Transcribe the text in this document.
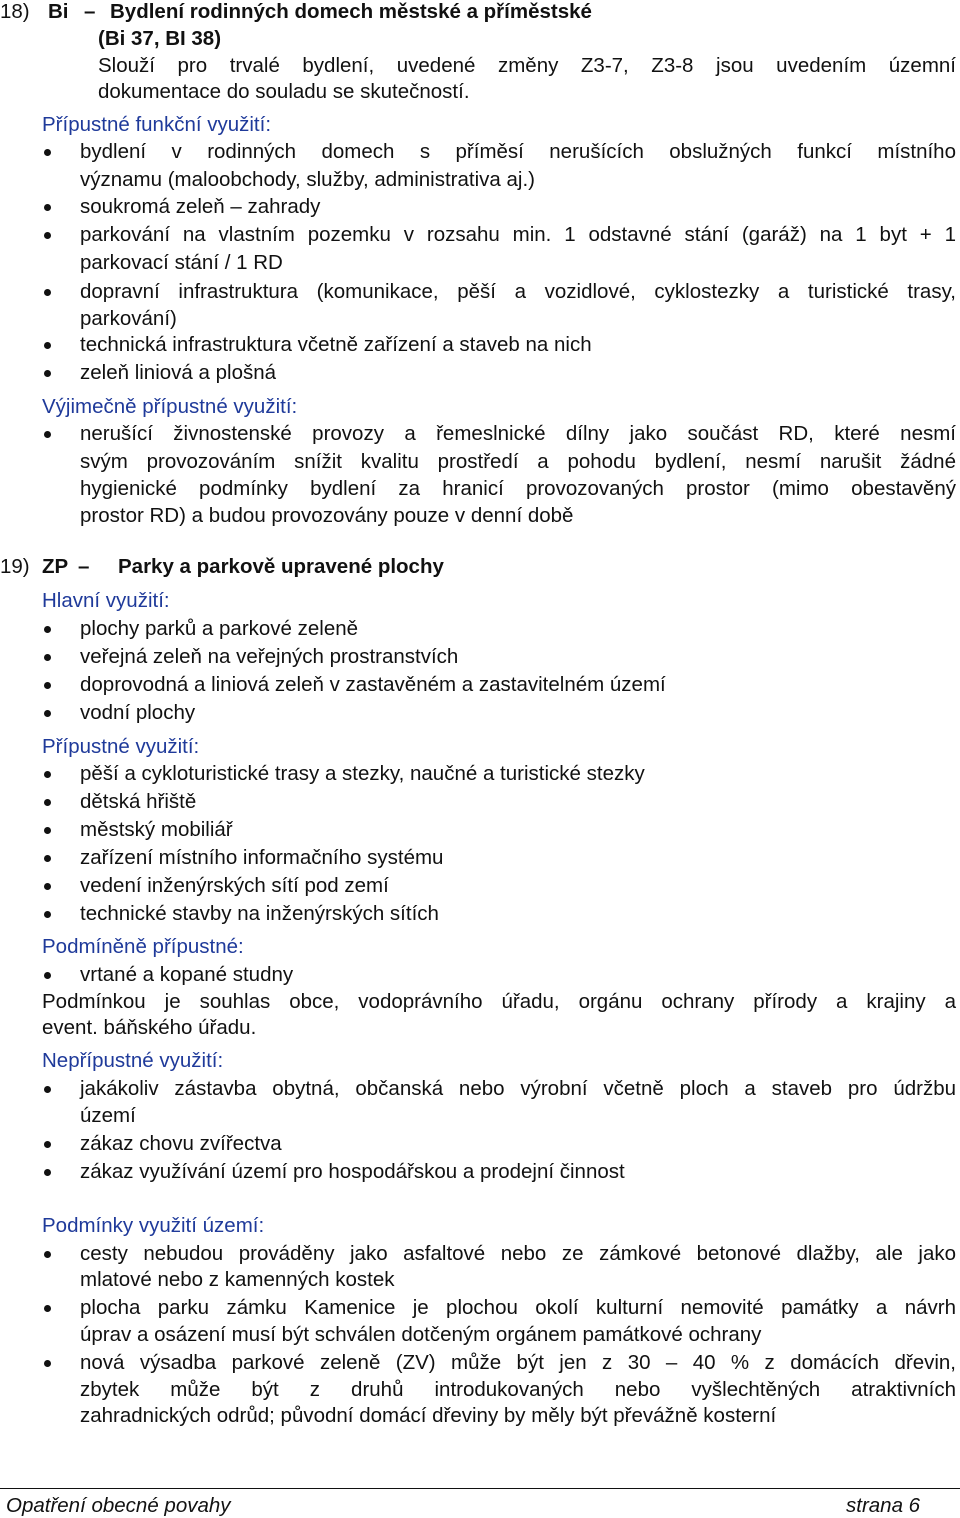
18) Bi – Bydlení rodinných domech městské a příměstské
(Bi 37, BI 38)
Slouží pro trvalé bydlení, uvedené změny Z3-7, Z3-8 jsou uvedením územní
dokumentace do souladu se skutečností.
Přípustné funkční využití:
bydlení v rodinných domech s příměsí nerušících obslužných funkcí místního
významu (maloobchody, služby, administrativa aj.)
soukromá zeleň – zahrady
parkování na vlastním pozemku v rozsahu min. 1 odstavné stání (garáž) na 1 byt + 1
parkovací stání / 1 RD
dopravní infrastruktura (komunikace, pěší a vozidlové, cyklostezky a turistické trasy,
parkování)
technická infrastruktura včetně zařízení a staveb na nich
zeleň liniová a plošná
Výjimečně přípustné využití:
nerušící živnostenské provozy a řemeslnické dílny jako součást RD, které nesmí
svým provozováním snížit kvalitu prostředí a pohodu bydlení, nesmí narušit žádné
hygienické podmínky bydlení za hranicí provozovaných prostor (mimo obestavěný
prostor RD) a budou provozovány pouze v denní době
19) ZP – Parky a parkově upravené plochy
Hlavní využití:
plochy parků a parkové zeleně
veřejná zeleň na veřejných prostranstvích
doprovodná a liniová zeleň v zastavěném a zastavitelném území
vodní plochy
Přípustné využití:
pěší a cykloturistické trasy a stezky, naučné a turistické stezky
dětská hřiště
městský mobiliář
zařízení místního informačního systému
vedení inženýrských sítí pod zemí
technické stavby na inženýrských sítích
Podmíněně přípustné:
vrtané a kopané studny
Podmínkou je souhlas obce, vodoprávního úřadu, orgánu ochrany přírody a krajiny a
event. báňského úřadu.
Nepřípustné využití:
jakákoliv zástavba obytná, občanská nebo výrobní včetně ploch a staveb pro údržbu
území
zákaz chovu zvířectva
zákaz využívání území pro hospodářskou a prodejní činnost
Podmínky využití území:
cesty nebudou prováděny jako asfaltové nebo ze zámkové betonové dlažby, ale jako
mlatové nebo z kamenných kostek
plocha parku zámku Kamenice je plochou okolí kulturní nemovité památky a návrh
úprav a osázení musí být schválen dotčeným orgánem památkové ochrany
nová výsadba parkové zeleně (ZV) může být jen z 30 – 40 % z domácích dřevin,
zbytek může být z druhů introdukovaných nebo vyšlechtěných atraktivních
zahradnických odrůd; původní domácí dřeviny by měly být převážně kosterní
Opatření obecné povahy	strana 6
